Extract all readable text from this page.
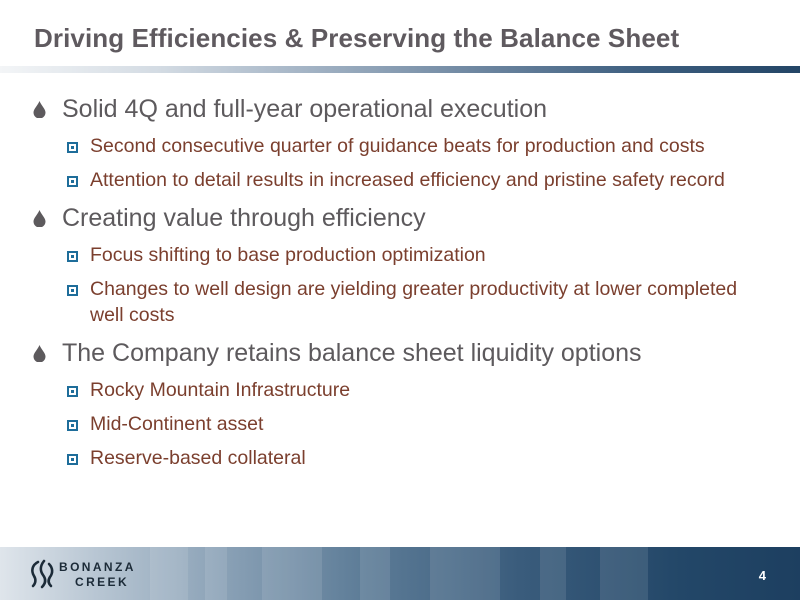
Driving Efficiencies & Preserving the Balance Sheet
Solid 4Q and full-year operational execution
Second consecutive quarter of guidance beats for production and costs
Attention to detail results in increased efficiency and pristine safety record
Creating value through efficiency
Focus shifting to base production optimization
Changes to well design are yielding greater productivity at lower completed well costs
The Company retains balance sheet liquidity options
Rocky Mountain Infrastructure
Mid-Continent asset
Reserve-based collateral
BONANZA
CREEK	4
